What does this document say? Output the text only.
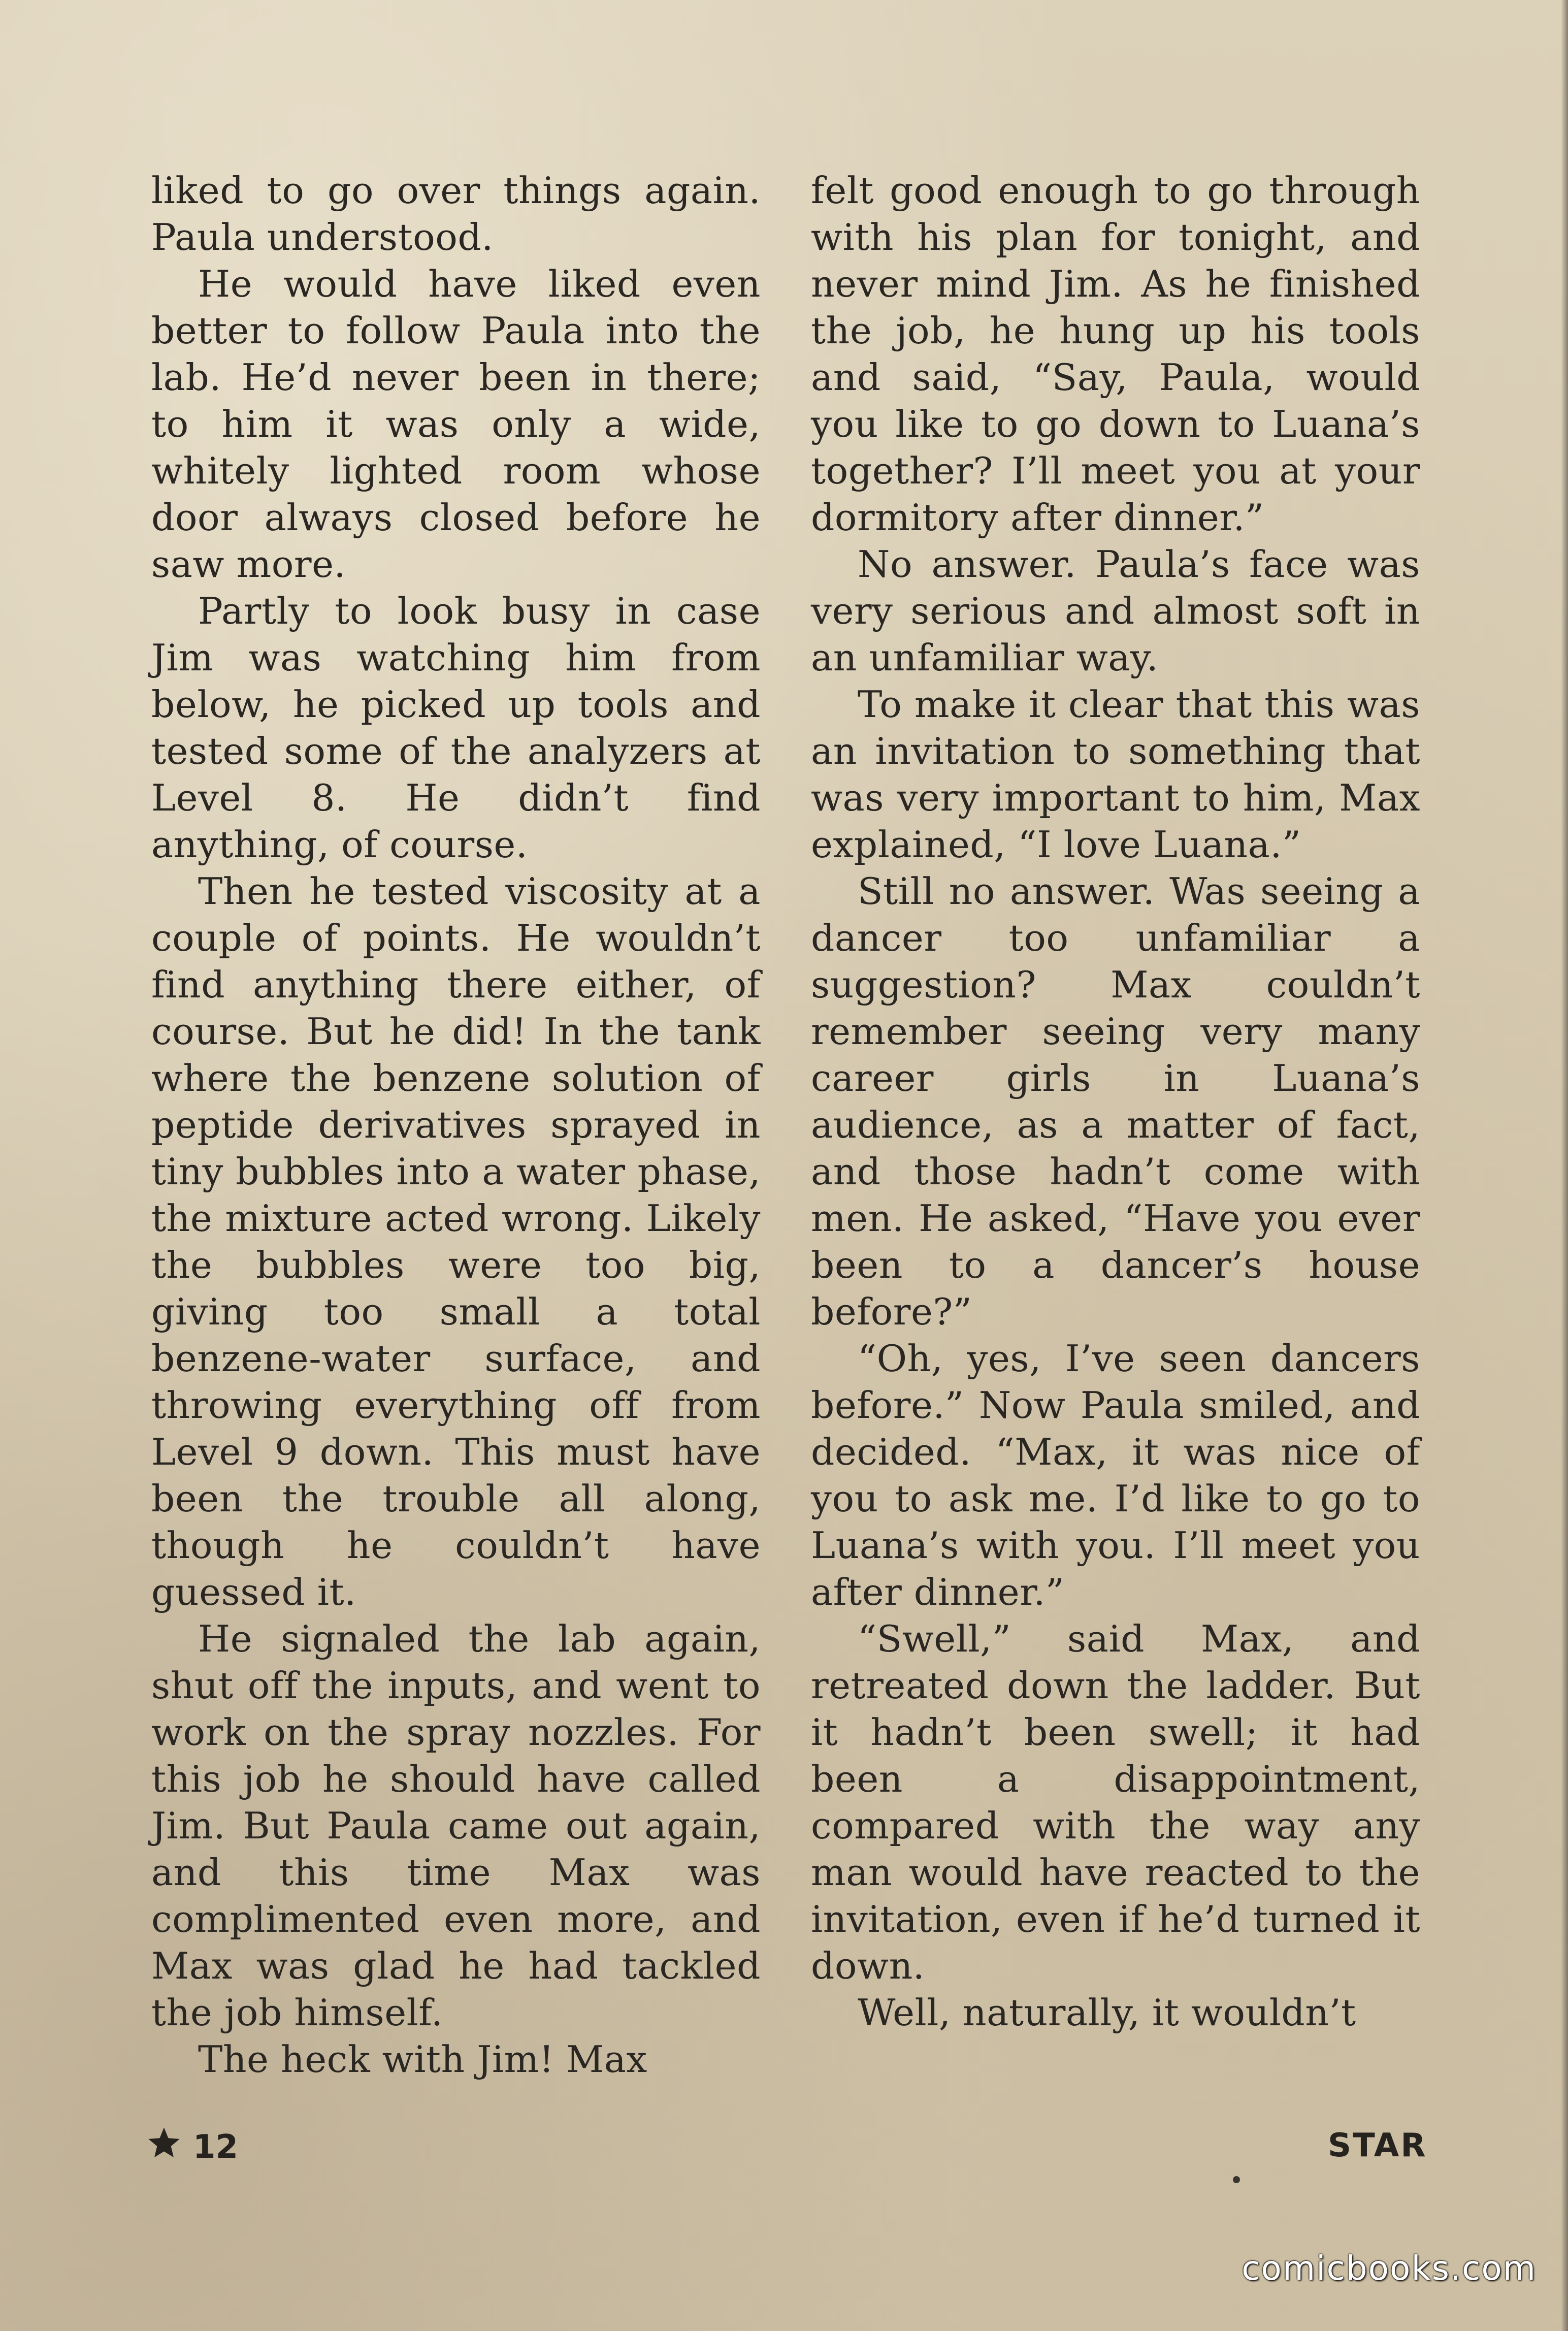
liked to go over things again. Paula understood.

He would have liked even better to follow Paula into the lab. He’d never been in there; to him it was only a wide, whitely lighted room whose door always closed before he saw more.

Partly to look busy in case Jim was watching him from below, he picked up tools and tested some of the analyzers at Level 8. He didn’t find anything, of course.

Then he tested viscosity at a couple of points. He wouldn’t find anything there either, of course. But he did! In the tank where the benzene solution of peptide derivatives sprayed in tiny bubbles into a water phase, the mixture acted wrong. Likely the bubbles were too big, giving too small a total benzene-water surface, and throwing everything off from Level 9 down. This must have been the trouble all along, though he couldn’t have guessed it.

He signaled the lab again, shut off the inputs, and went to work on the spray nozzles. For this job he should have called Jim. But Paula came out again, and this time Max was complimented even more, and Max was glad he had tackled the job himself.

The heck with Jim! Max

felt good enough to go through with his plan for tonight, and never mind Jim. As he finished the job, he hung up his tools and said, “Say, Paula, would you like to go down to Luana’s together? I’ll meet you at your dormitory after dinner.”

No answer. Paula’s face was very serious and almost soft in an unfamiliar way.

To make it clear that this was an invitation to something that was very important to him, Max explained, “I love Luana.”

Still no answer. Was seeing a dancer too unfamiliar a suggestion? Max couldn’t remember seeing very many career girls in Luana’s audience, as a matter of fact, and those hadn’t come with men. He asked, “Have you ever been to a dancer’s house before?”

“Oh, yes, I’ve seen dancers before.” Now Paula smiled, and decided. “Max, it was nice of you to ask me. I’d like to go to Luana’s with you. I’ll meet you after dinner.”

“Swell,” said Max, and retreated down the ladder. But it hadn’t been swell; it had been a disappointment, compared with the way any man would have reacted to the invitation, even if he’d turned it down.

Well, naturally, it wouldn’t

12	STAR
comicbooks.com
